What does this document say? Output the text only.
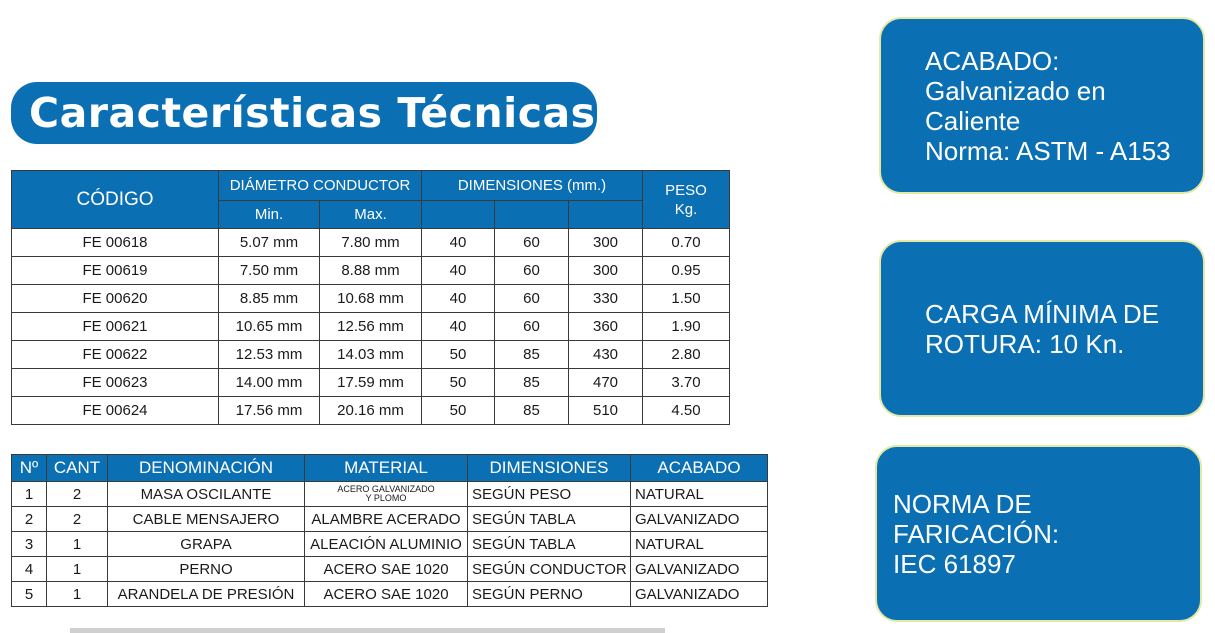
Características Técnicas
ACABADO:
Galvanizado en
Caliente
Norma: ASTM - A153
CARGA MÍNIMA DE
ROTURA: 10 Kn.
NORMA DE FARICACIÓN:
IEC 61897
CÓDIGO	DIÁMETRO CONDUCTOR		DIMENSIONES (mm.)			PESO
Kg.
	Min.	Max.				
FE 00618	5.07 mm	7.80 mm	40	60	300	0.70
FE 00619	7.50 mm	8.88 mm	40	60	300	0.95
FE 00620	8.85 mm	10.68 mm	40	60	330	1.50
FE 00621	10.65 mm	12.56 mm	40	60	360	1.90
FE 00622	12.53 mm	14.03 mm	50	85	430	2.80
FE 00623	14.00 mm	17.59 mm	50	85	470	3.70
FE 00624	17.56 mm	20.16 mm	50	85	510	4.50
Nº	CANT	DENOMINACIÓN	MATERIAL	DIMENSIONES	ACABADO
1	2	MASA OSCILANTE	ACERO GALVANIZADO
Y PLOMO	SEGÚN PESO	NATURAL
2	2	CABLE MENSAJERO	ALAMBRE ACERADO	SEGÚN TABLA	GALVANIZADO
3	1	GRAPA	ALEACIÓN ALUMINIO	SEGÚN TABLA	NATURAL
4	1	PERNO	ACERO SAE 1020	SEGÚN CONDUCTOR	GALVANIZADO
5	1	ARANDELA DE PRESIÓN	ACERO SAE 1020	SEGÚN PERNO	GALVANIZADO
